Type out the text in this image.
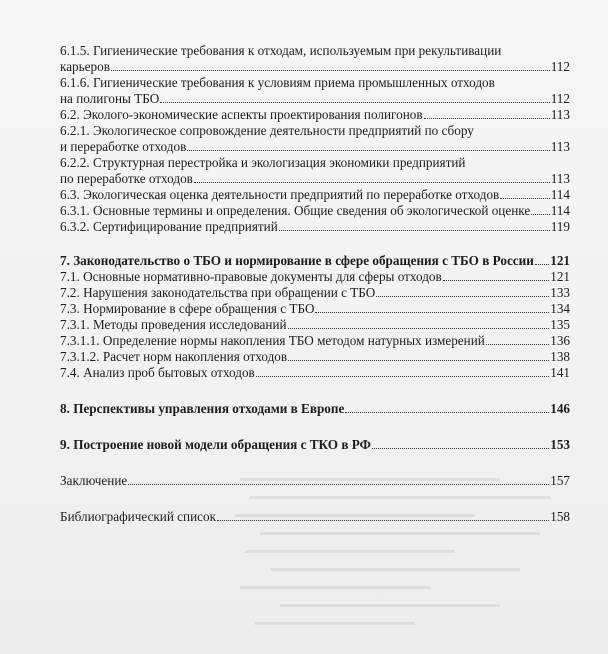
6.1.5. Гигиенические требования к отходам, используемым при рекультивации
карьеров	112
6.1.6. Гигиенические требования к условиям приема промышленных отходов
на полигоны ТБО	112
6.2. Эколого-экономические аспекты проектирования полигонов	113
6.2.1. Экологическое сопровождение деятельности предприятий по сбору
и переработке отходов	113
6.2.2. Структурная перестройка и экологизация экономики предприятий
по переработке отходов	113
6.3. Экологическая оценка деятельности предприятий по переработке отходов	114
6.3.1. Основные термины и определения. Общие сведения об экологической оценке 114
6.3.2. Сертифицирование предприятий	119
7. Законодательство о ТБО и нормирование в сфере обращения с ТБО в России 121
7.1. Основные нормативно-правовые документы для сферы отходов	121
7.2. Нарушения законодательства при обращении с ТБО	133
7.3. Нормирование в сфере обращения с ТБО	134
7.3.1. Методы проведения исследований	135
7.3.1.1. Определение нормы накопления ТБО методом натурных измерений	136
7.3.1.2. Расчет норм накопления отходов	138
7.4. Анализ проб бытовых отходов	141
8. Перспективы управления отходами в Европе	146
9. Построение новой модели обращения с ТКО в РФ	153
Заключение	157
Библиографический список	158
